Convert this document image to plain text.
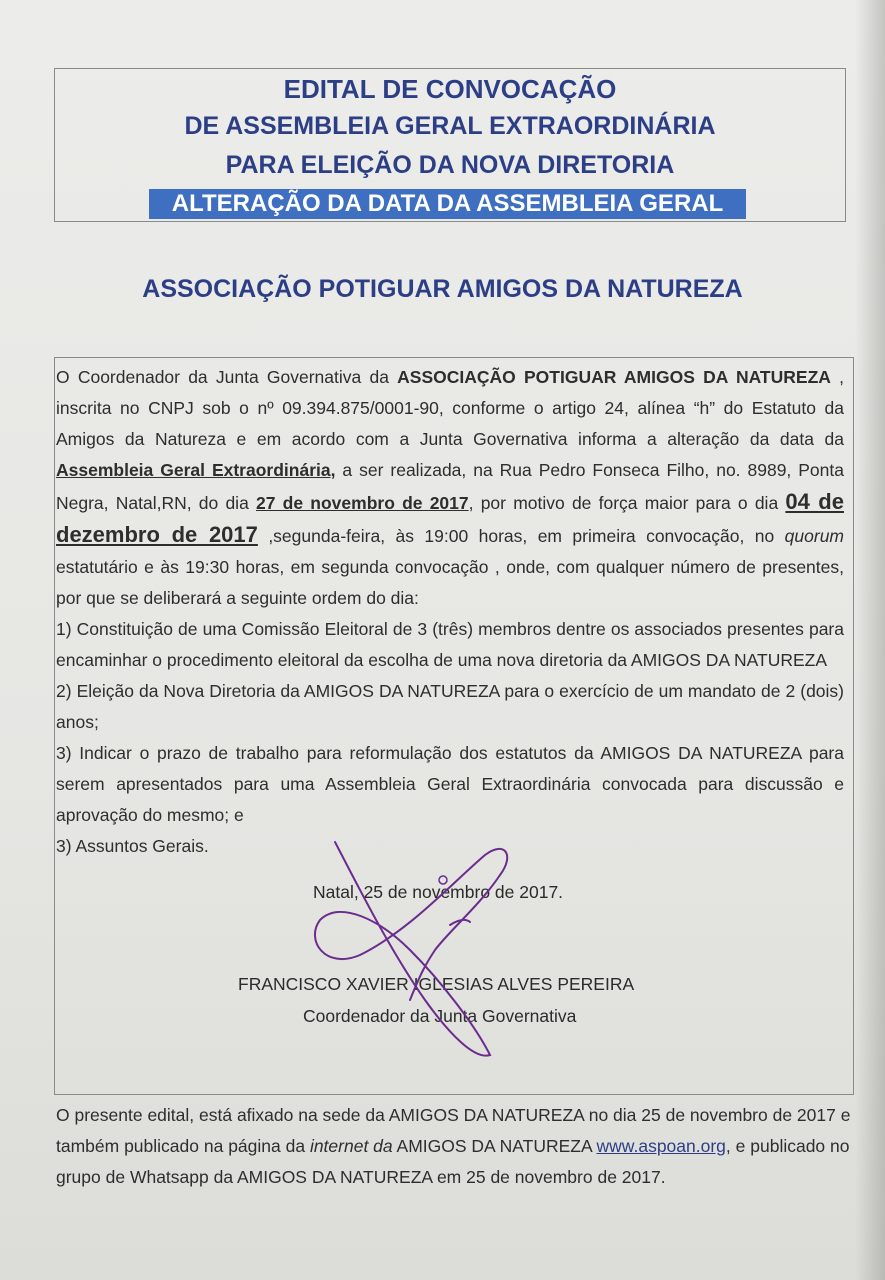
EDITAL DE CONVOCAÇÃO
DE ASSEMBLEIA GERAL EXTRAORDINÁRIA
PARA ELEIÇÃO DA NOVA DIRETORIA
ALTERAÇÃO DA DATA DA ASSEMBLEIA GERAL
ASSOCIAÇÃO POTIGUAR AMIGOS DA NATUREZA

O Coordenador da Junta Governativa da ASSOCIAÇÃO POTIGUAR AMIGOS DA NATUREZA , inscrita no CNPJ sob o nº 09.394.875/0001-90, conforme o artigo 24, alínea “h” do Estatuto da Amigos da Natureza e em acordo com a Junta Governativa informa a alteração da data da Assembleia Geral Extraordinária, a ser realizada, na Rua Pedro Fonseca Filho, no. 8989, Ponta Negra, Natal,RN, do dia 27 de novembro de 2017, por motivo de força maior para o dia 04 de dezembro de 2017 ,segunda-feira, às 19:00 horas, em primeira convocação, no quorum estatutário e às 19:30 horas, em segunda convocação , onde, com qualquer número de presentes, por que se deliberará a seguinte ordem do dia:

1) Constituição de uma Comissão Eleitoral de 3 (três) membros dentre os associados presentes para encaminhar o procedimento eleitoral da escolha de uma nova diretoria da AMIGOS DA NATUREZA

2) Eleição da Nova Diretoria da AMIGOS DA NATUREZA para o exercício de um mandato de 2 (dois) anos;

3) Indicar o prazo de trabalho para reformulação dos estatutos da AMIGOS DA NATUREZA para serem apresentados para uma Assembleia Geral Extraordinária convocada para discussão e aprovação do mesmo; e

3) Assuntos Gerais.

Natal, 25 de novembro de 2017.
FRANCISCO XAVIER IGLESIAS ALVES PEREIRA
Coordenador da Junta Governativa

O presente edital, está afixado na sede da AMIGOS DA NATUREZA no dia 25 de novembro de 2017 e também publicado na página da internet da AMIGOS DA NATUREZA www.aspoan.org, e publicado no grupo de Whatsapp da AMIGOS DA NATUREZA em 25 de novembro de 2017.
